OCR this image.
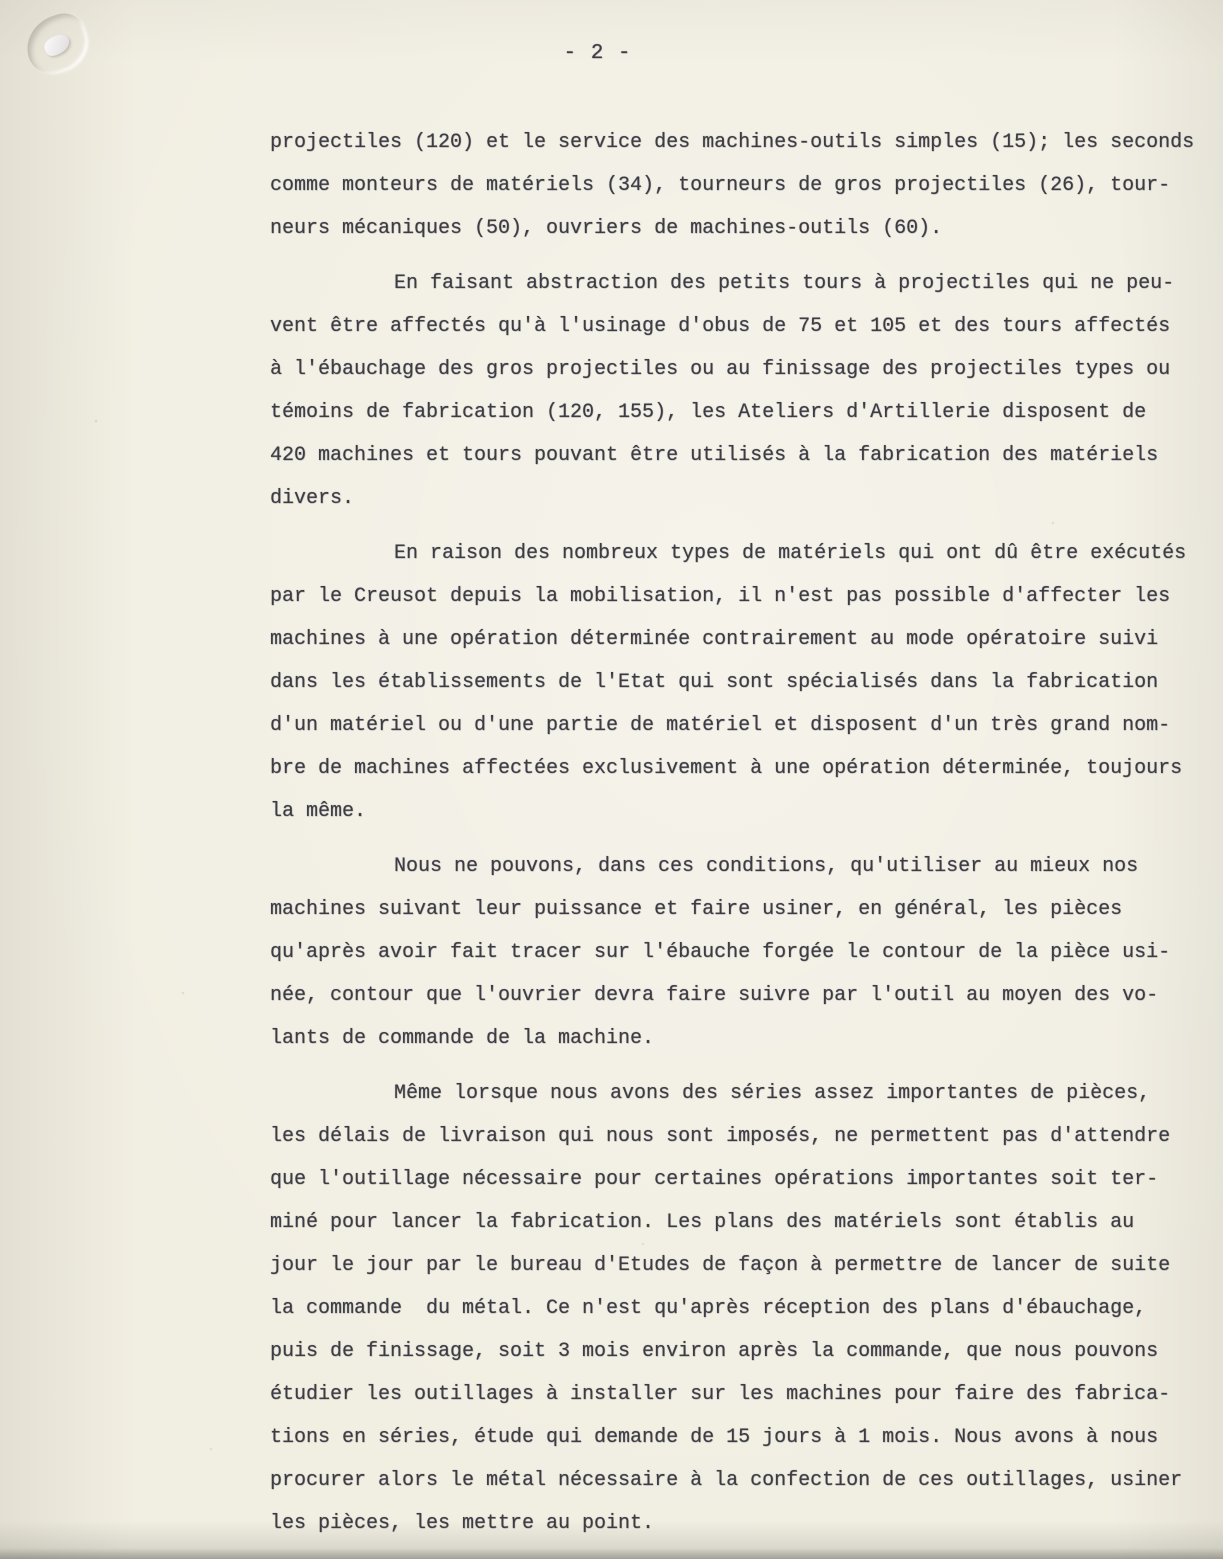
- 2 -
projectiles (120) et le service des machines-outils simples (15); les seconds
comme monteurs de matériels (34), tourneurs de gros projectiles (26), tour-
neurs mécaniques (50), ouvriers de machines-outils (60).
En faisant abstraction des petits tours à projectiles qui ne peu-
vent être affectés qu'à l'usinage d'obus de 75 et 105 et des tours affectés
à l'ébauchage des gros projectiles ou au finissage des projectiles types ou
témoins de fabrication (120, 155), les Ateliers d'Artillerie disposent de
420 machines et tours pouvant être utilisés à la fabrication des matériels
divers.
En raison des nombreux types de matériels qui ont dû être exécutés
par le Creusot depuis la mobilisation, il n'est pas possible d'affecter les
machines à une opération déterminée contrairement au mode opératoire suivi
dans les établissements de l'Etat qui sont spécialisés dans la fabrication
d'un matériel ou d'une partie de matériel et disposent d'un très grand nom-
bre de machines affectées exclusivement à une opération déterminée, toujours
la même.
Nous ne pouvons, dans ces conditions, qu'utiliser au mieux nos
machines suivant leur puissance et faire usiner, en général, les pièces
qu'après avoir fait tracer sur l'ébauche forgée le contour de la pièce usi-
née, contour que l'ouvrier devra faire suivre par l'outil au moyen des vo-
lants de commande de la machine.
Même lorsque nous avons des séries assez importantes de pièces,
les délais de livraison qui nous sont imposés, ne permettent pas d'attendre
que l'outillage nécessaire pour certaines opérations importantes soit ter-
miné pour lancer la fabrication. Les plans des matériels sont établis au
jour le jour par le bureau d'Etudes de façon à permettre de lancer de suite
la commande  du métal. Ce n'est qu'après réception des plans d'ébauchage,
puis de finissage, soit 3 mois environ après la commande, que nous pouvons
étudier les outillages à installer sur les machines pour faire des fabrica-
tions en séries, étude qui demande de 15 jours à 1 mois. Nous avons à nous
procurer alors le métal nécessaire à la confection de ces outillages, usiner
les pièces, les mettre au point.
